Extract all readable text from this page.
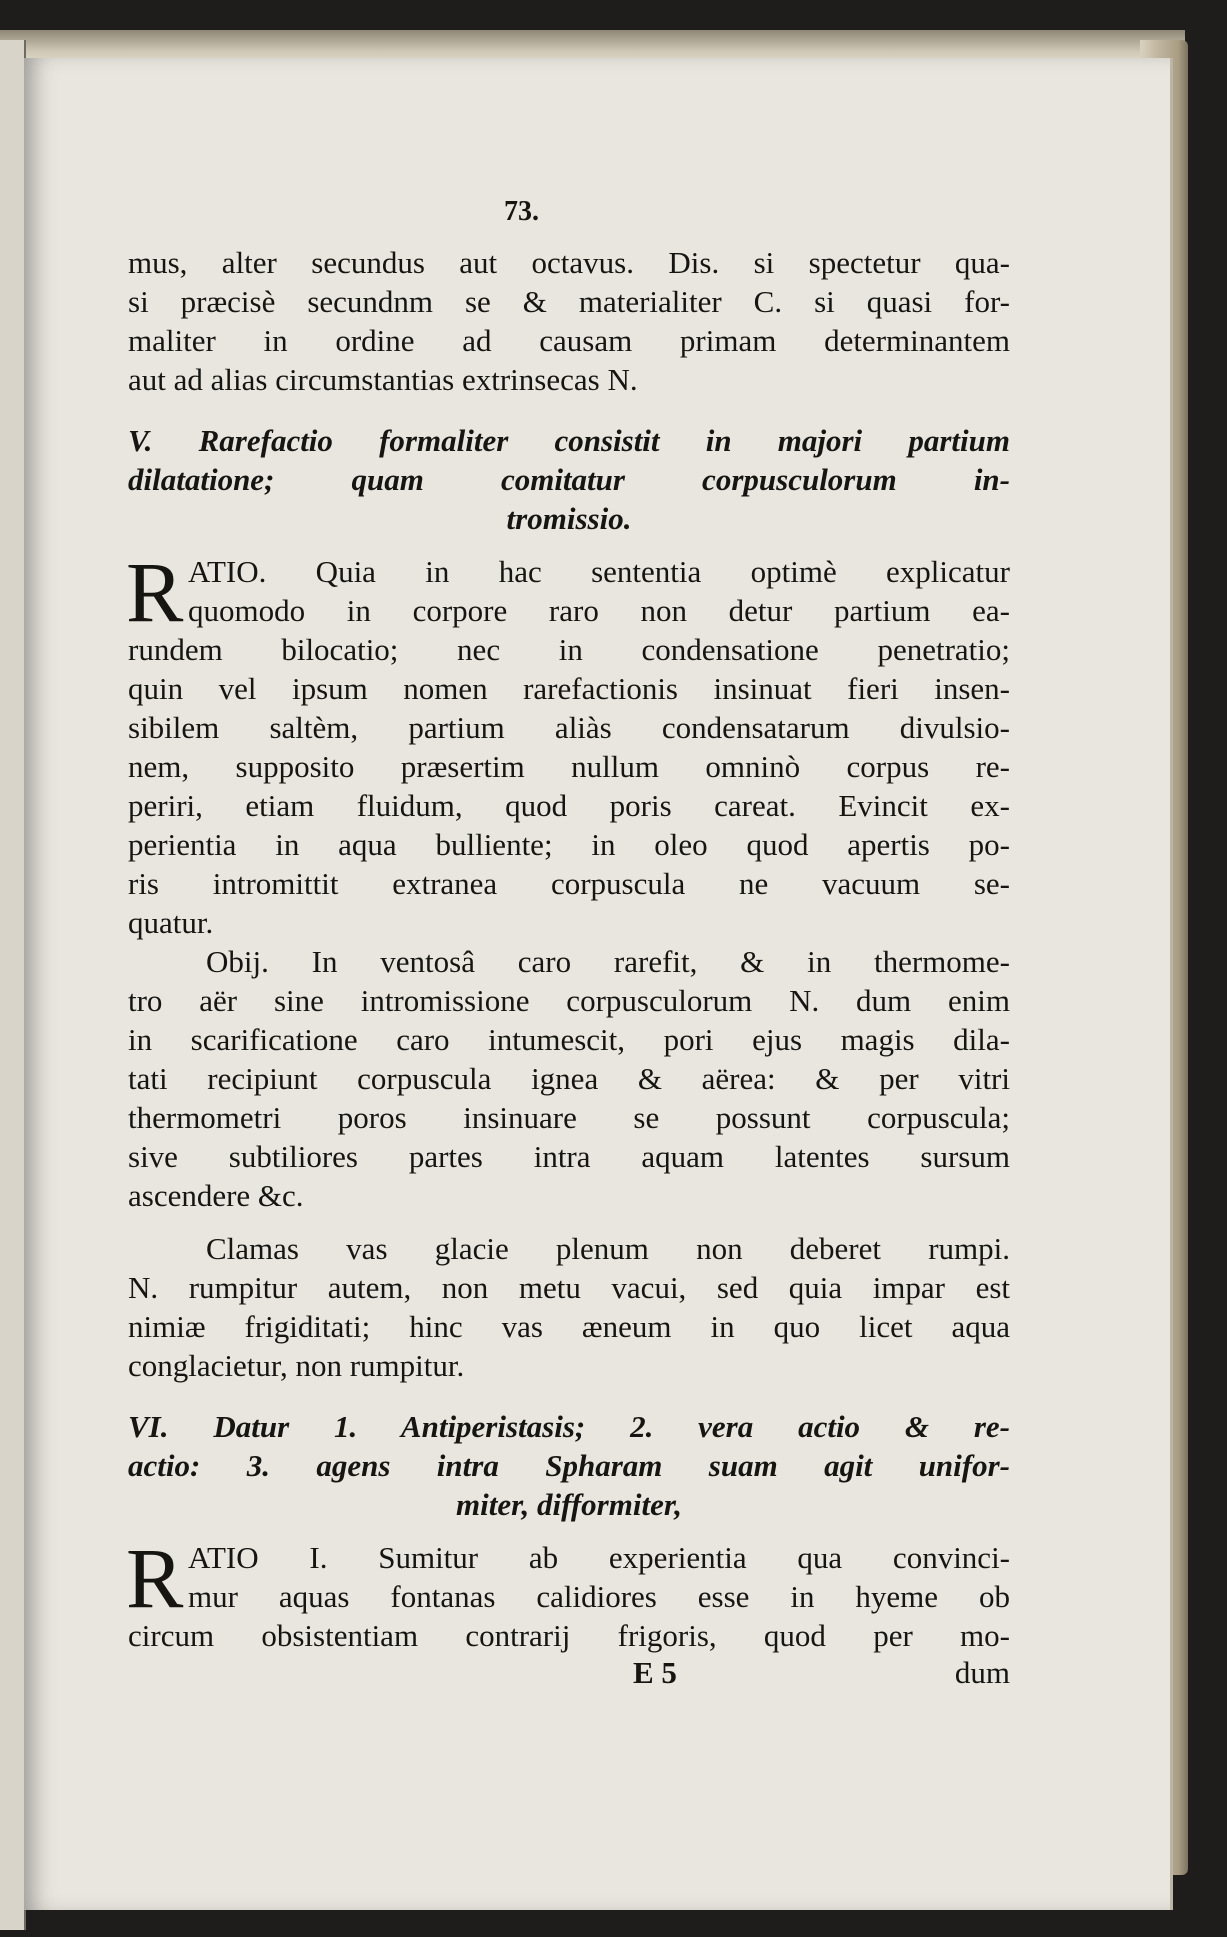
73.
mus, alter secundus aut octavus. Dis. si spectetur qua-
si præcisè secundnm se & materialiter C. si quasi for-
maliter in ordine ad causam primam determinantem
aut ad alias circumstantias extrinsecas N.
V. Rarefactio formaliter consistit in majori partium
dilatatione; quam comitatur corpusculorum in-
tromissio.
R ATIO. Quia in hac sententia optimè explicatur
quomodo in corpore raro non detur partium ea-
rundem bilocatio; nec in condensatione penetratio;
quin vel ipsum nomen rarefactionis insinuat fieri insen-
sibilem saltèm, partium aliàs condensatarum divulsio-
nem, supposito præsertim nullum omninò corpus re-
periri, etiam fluidum, quod poris careat. Evincit ex-
perientia in aqua bulliente; in oleo quod apertis po-
ris intromittit extranea corpuscula ne vacuum se-
quatur.
Obij. In ventosâ caro rarefit, & in thermome-
tro aër sine intromissione corpusculorum N. dum enim
in scarificatione caro intumescit, pori ejus magis dila-
tati recipiunt corpuscula ignea & aërea: & per vitri
thermometri poros insinuare se possunt corpuscula;
sive subtiliores partes intra aquam latentes sursum
ascendere &c.
Clamas vas glacie plenum non deberet rumpi.
N. rumpitur autem, non metu vacui, sed quia impar est
nimiæ frigiditati; hinc vas æneum in quo licet aqua
conglacietur, non rumpitur.
VI. Datur 1. Antiperistasis; 2. vera actio & re-
actio: 3. agens intra Spharam suam agit unifor-
miter, difformiter,
R ATIO I. Sumitur ab experientia qua convinci-
mur aquas fontanas calidiores esse in hyeme ob
circum obsistentiam contrarij frigoris, quod per mo-
E 5	dum
